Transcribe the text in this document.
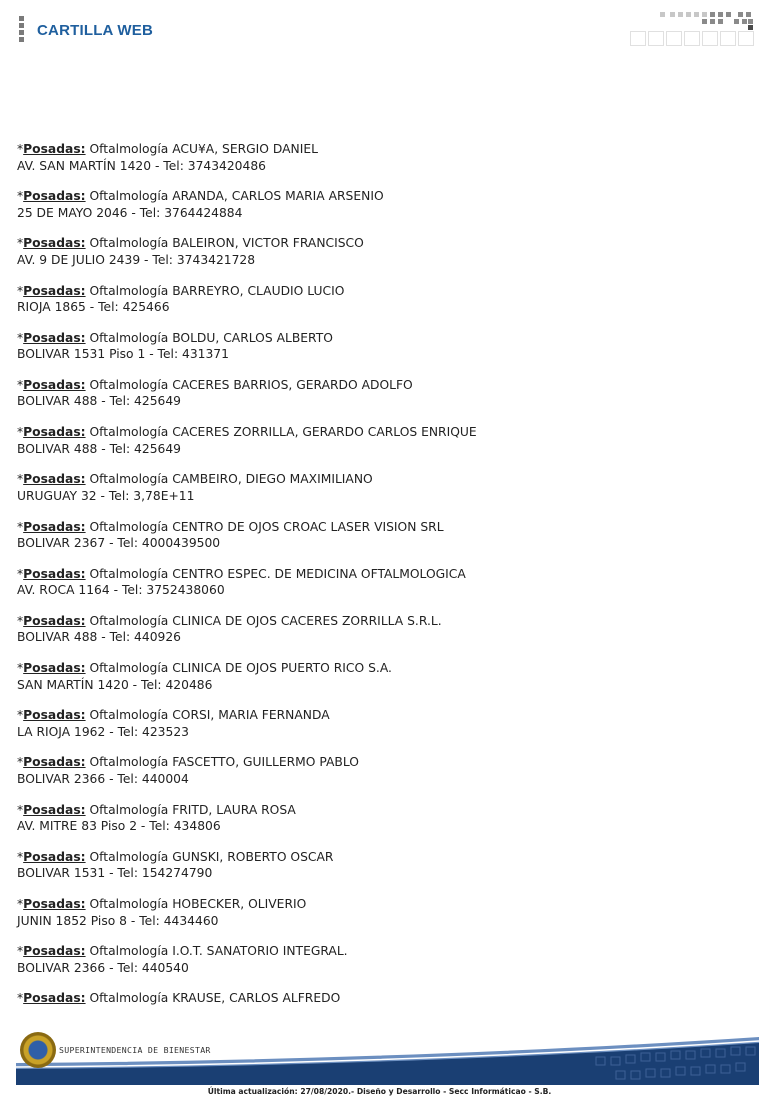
CARTILLA WEB
*Posadas: Oftalmología ACU¥A, SERGIO DANIEL
AV. SAN MARTÍN 1420 - Tel: 3743420486
*Posadas: Oftalmología ARANDA, CARLOS MARIA ARSENIO
25 DE MAYO 2046 - Tel: 3764424884
*Posadas: Oftalmología BALEIRON, VICTOR FRANCISCO
AV. 9 DE JULIO 2439 - Tel: 3743421728
*Posadas: Oftalmología BARREYRO, CLAUDIO LUCIO
RIOJA 1865 - Tel: 425466
*Posadas: Oftalmología BOLDU, CARLOS ALBERTO
BOLIVAR 1531 Piso 1 - Tel: 431371
*Posadas: Oftalmología CACERES BARRIOS, GERARDO ADOLFO
BOLIVAR 488 - Tel: 425649
*Posadas: Oftalmología CACERES ZORRILLA, GERARDO CARLOS ENRIQUE
BOLIVAR 488 - Tel: 425649
*Posadas: Oftalmología CAMBEIRO, DIEGO MAXIMILIANO
URUGUAY 32 - Tel: 3,78E+11
*Posadas: Oftalmología CENTRO DE OJOS CROAC LASER VISION SRL
BOLIVAR 2367 - Tel: 4000439500
*Posadas: Oftalmología CENTRO ESPEC. DE MEDICINA OFTALMOLOGICA
AV. ROCA 1164 - Tel: 3752438060
*Posadas: Oftalmología CLINICA DE OJOS CACERES ZORRILLA S.R.L.
BOLIVAR 488 - Tel: 440926
*Posadas: Oftalmología CLINICA DE OJOS PUERTO RICO S.A.
SAN MARTÍN 1420 - Tel: 420486
*Posadas: Oftalmología CORSI, MARIA FERNANDA
LA RIOJA 1962 - Tel: 423523
*Posadas: Oftalmología FASCETTO, GUILLERMO PABLO
BOLIVAR 2366 - Tel: 440004
*Posadas: Oftalmología FRITD, LAURA ROSA
AV. MITRE 83 Piso 2 - Tel: 434806
*Posadas: Oftalmología GUNSKI, ROBERTO OSCAR
BOLIVAR 1531 - Tel: 154274790
*Posadas: Oftalmología HOBECKER, OLIVERIO
JUNIN 1852 Piso 8 - Tel: 4434460
*Posadas: Oftalmología I.O.T. SANATORIO INTEGRAL.
BOLIVAR 2366 - Tel: 440540
*Posadas: Oftalmología KRAUSE, CARLOS ALFREDO
SUPERINTENDENCIA DE BIENESTAR
Última actualización: 27/08/2020.- Diseño y Desarrollo - Secc Informáticao - S.B.
